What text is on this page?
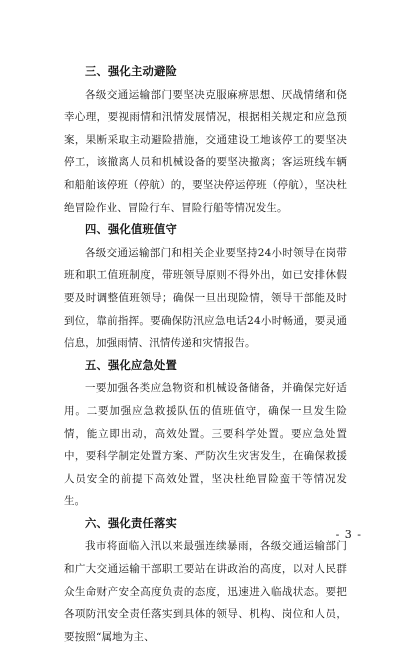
三、强化主动避险

各级交通运输部门要坚决克服麻痹思想、厌战情绪和侥幸心理，要视雨情和汛情发展情况，根据相关规定和应急预案，果断采取主动避险措施，交通建设工地该停工的要坚决停工，该撤离人员和机械设备的要坚决撤离；客运班线车辆和船舶该停班（停航）的，要坚决停运停班（停航），坚决杜绝冒险作业、冒险行车、冒险行船等情况发生。

四、强化值班值守

各级交通运输部门和相关企业要坚持24小时领导在岗带班和职工值班制度，带班领导原则不得外出，如已安排休假要及时调整值班领导；确保一旦出现险情，领导干部能及时到位，靠前指挥。要确保防汛应急电话24小时畅通，要灵通信息，加强雨情、汛情传递和灾情报告。

五、强化应急处置

一要加强各类应急物资和机械设备储备，并确保完好适用。二要加强应急救援队伍的值班值守，确保一旦发生险情，能立即出动，高效处置。三要科学处置。要应急处置中，要科学制定处置方案、严防次生灾害发生，在确保救援人员安全的前提下高效处置，坚决杜绝冒险蛮干等情况发生。

六、强化责任落实

我市将面临入汛以来最强连续暴雨，各级交通运输部门和广大交通运输干部职工要站在讲政治的高度，以对人民群众生命财产安全高度负责的态度，迅速进入临战状态。要把各项防汛安全责任落实到具体的领导、机构、岗位和人员，要按照“属地为主、

- 3 -
